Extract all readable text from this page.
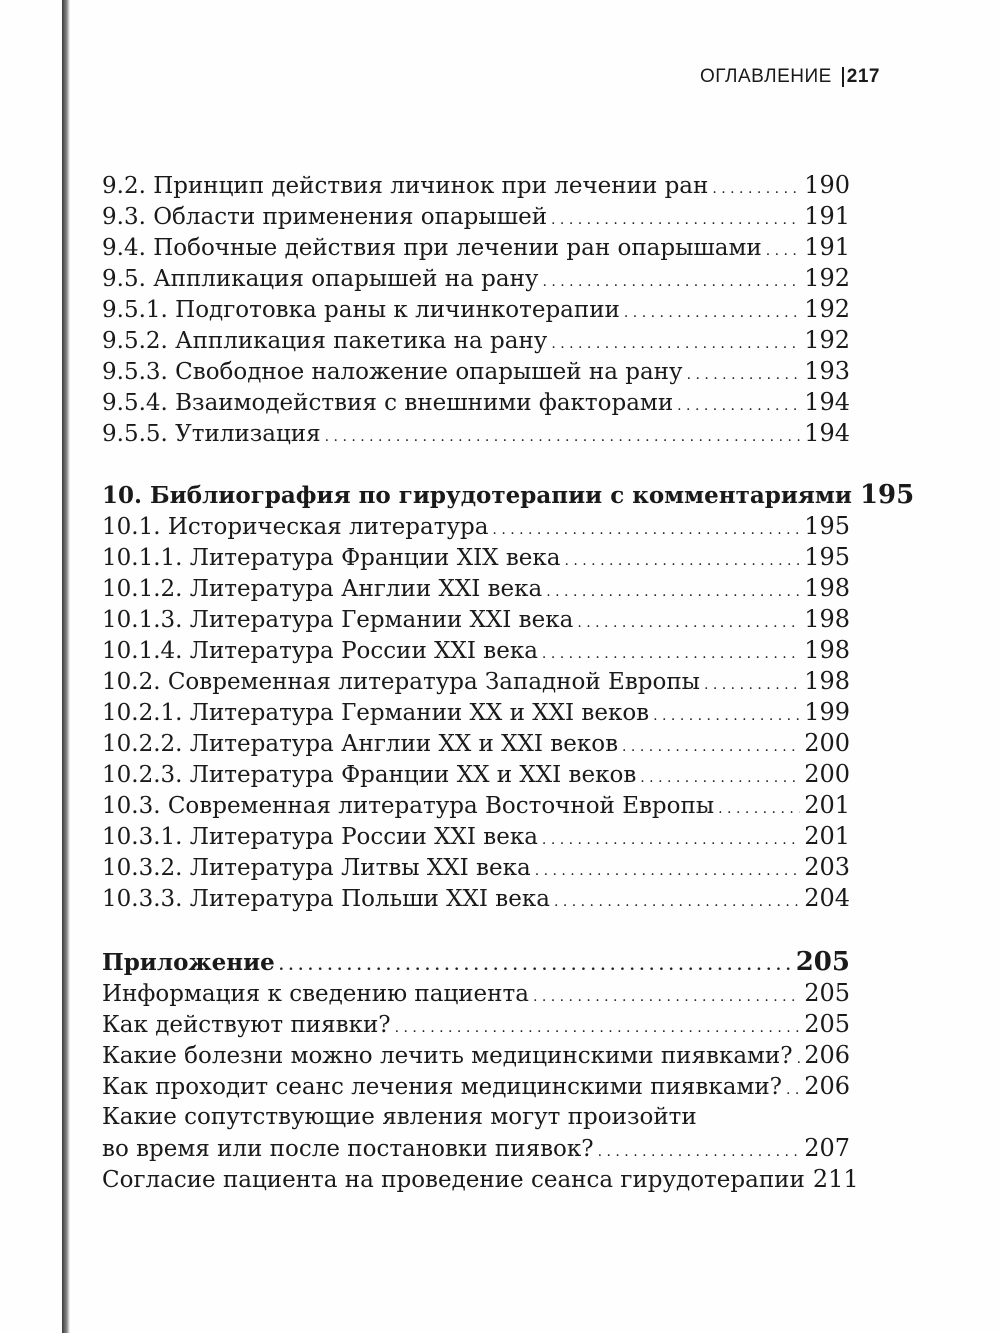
ОГЛАВЛЕНИЕ 217
9.2. Принцип действия личинок при лечении ран . . .	190
9.3. Области применения опарышей . . .	191
9.4. Побочные действия при лечении ран опарышами . . . 191
9.5. Аппликация опарышей на рану . . .	192
9.5.1. Подготовка раны к личинкотерапии . . .	192
9.5.2. Аппликация пакетика на рану . . .	192
9.5.3. Свободное наложение опарышей на рану . . .	193
9.5.4. Взаимодействия с внешними факторами . . .	194
9.5.5. Утилизация . . .	194
10. Библиография по гирудотерапии с комментариями 195
10.1. Историческая литература . . .	195
10.1.1. Литература Франции XIX века . . .	195
10.1.2. Литература Англии XXI века . . .	198
10.1.3. Литература Германии XXI века . . .	198
10.1.4. Литература России XXI века . . .	198
10.2. Современная литература Западной Европы . . .	198
10.2.1. Литература Германии XX и XXI веков . . .	199
10.2.2. Литература Англии XX и XXI веков . . .	200
10.2.3. Литература Франции XX и XXI веков . . .	200
10.3. Современная литература Восточной Европы . . .	201
10.3.1. Литература России XXI века . . .	201
10.3.2. Литература Литвы XXI века . . .	203
10.3.3. Литература Польши XXI века . . .	204
Приложение . . .	205
Информация к сведению пациента . . .	205
Как действуют пиявки? . . .	205
Какие болезни можно лечить медицинскими пиявками? . . . 206
Как проходит сеанс лечения медицинскими пиявками? . . . 206
Какие сопутствующие явления могут произойти
во время или после постановки пиявок? . . .	207
Согласие пациента на проведение сеанса гирудотерапии 211
